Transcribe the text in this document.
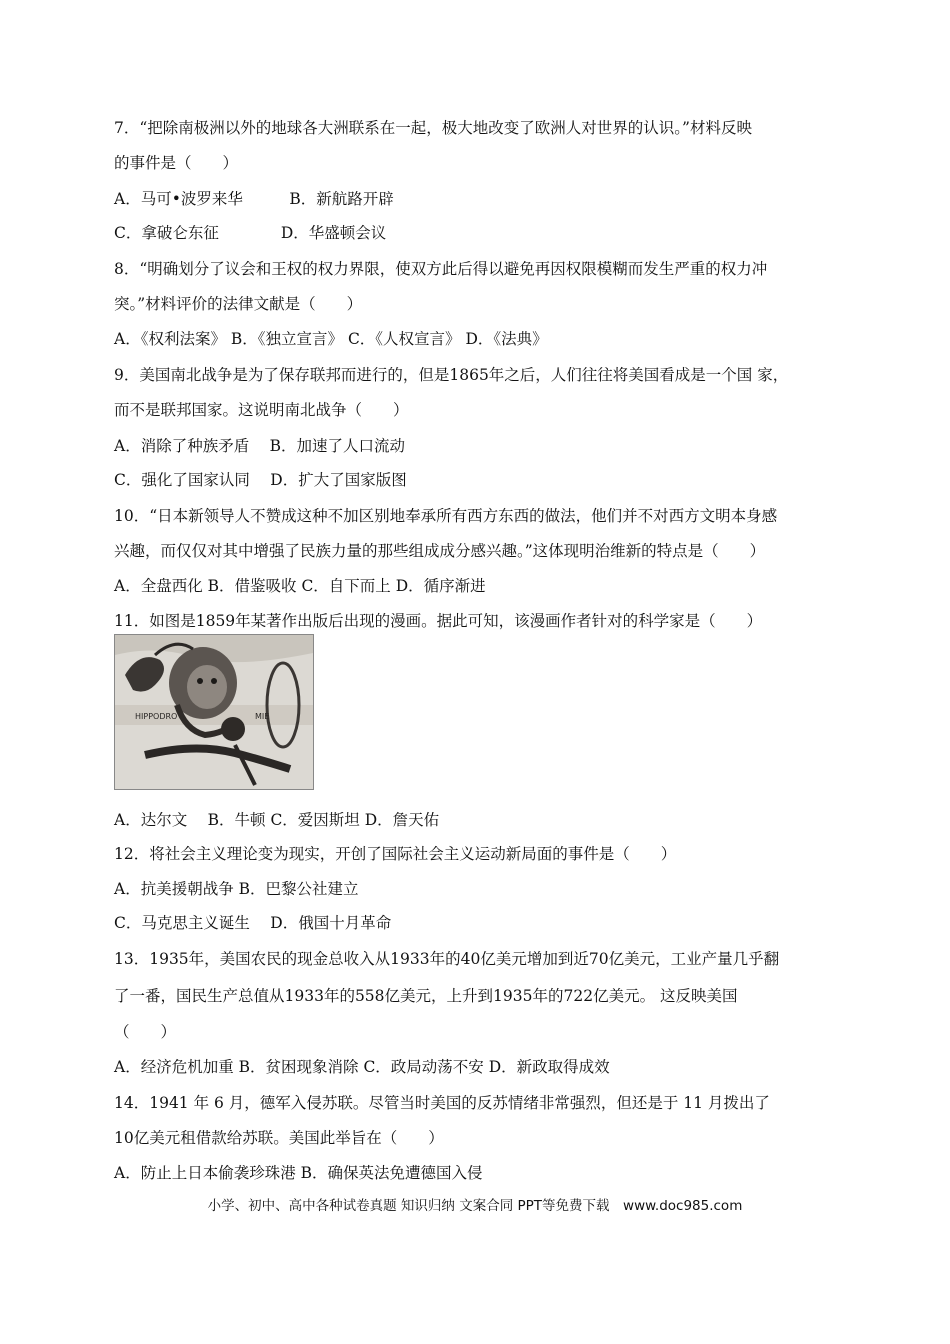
7．“把除南极洲以外的地球各大洲联系在一起，极大地改变了欧洲人对世界的认识。”材料反映
的事件是（　　）
A．马可•波罗来华　　　B．新航路开辟
C．拿破仑东征　　　　D．华盛顿会议
8．“明确划分了议会和王权的权力界限，使双方此后得以避免再因权限模糊而发生严重的权力冲
突。”材料评价的法律文献是（　　）
A．《权利法案》 B．《独立宣言》 C．《人权宣言》 D．《法典》
9．美国南北战争是为了保存联邦而进行的，但是1865年之后，人们往往将美国看成是一个国 家，
而不是联邦国家。这说明南北战争（　　）
A．消除了种族矛盾　 B．加速了人口流动
C．强化了国家认同　 D．扩大了国家版图
10．“日本新领导人不赞成这种不加区别地奉承所有西方东西的做法，他们并不对西方文明本身感
兴趣，而仅仅对其中增强了民族力量的那些组成成分感兴趣。”这体现明治维新的特点是（　　）
A．全盘西化 B．借鉴吸收 C．自下而上 D．循序渐进
11．如图是1859年某著作出版后出现的漫画。据此可知，该漫画作者针对的科学家是（　　）
HIPPODRO	MIE
A．达尔文　 B．牛顿 C．爱因斯坦 D．詹天佑
12．将社会主义理论变为现实，开创了国际社会主义运动新局面的事件是（　　）
A．抗美援朝战争 B．巴黎公社建立
C．马克思主义诞生　 D．俄国十月革命
13．1935年，美国农民的现金总收入从1933年的40亿美元增加到近70亿美元，工业产量几乎翻
了一番，国民生产总值从1933年的558亿美元，上升到1935年的722亿美元。 这反映美国
（　　）
A．经济危机加重 B．贫困现象消除 C．政局动荡不安 D．新政取得成效
14．1941 年 6 月，德军入侵苏联。尽管当时美国的反苏情绪非常强烈，但还是于 11 月拨出了
10亿美元租借款给苏联。美国此举旨在（　　）
A．防止上日本偷袭珍珠港 B．确保英法免遭德国入侵
小学、初中、高中各种试卷真题 知识归纳 文案合同 PPT等免费下载　www.doc985.com
